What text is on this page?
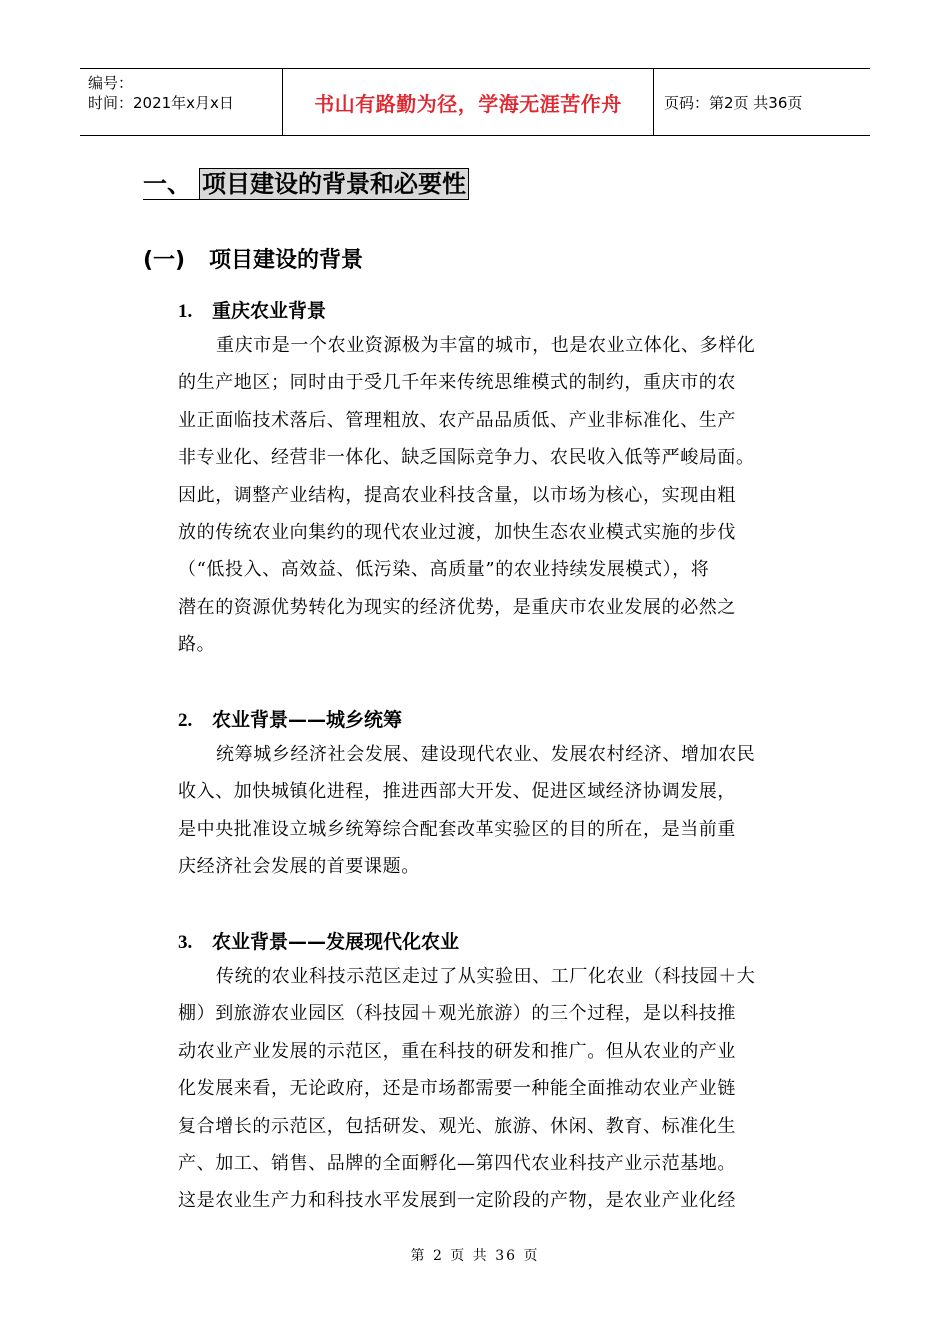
编号：
时间：2021年x月x日	书山有路勤为径，学海无涯苦作舟	页码：第2页 共36页
一、 项目建设的背景和必要性
(一) 项目建设的背景
1. 重庆农业背景
重庆市是一个农业资源极为丰富的城市，也是农业立体化、多样化
的生产地区；同时由于受几千年来传统思维模式的制约，重庆市的农
业正面临技术落后、管理粗放、农产品品质低、产业非标准化、生产
非专业化、经营非一体化、缺乏国际竞争力、农民收入低等严峻局面。
因此，调整产业结构，提高农业科技含量，以市场为核心，实现由粗
放的传统农业向集约的现代农业过渡，加快生态农业模式实施的步伐
（“低投入、高效益、低污染、高质量”的农业持续发展模式），将
潜在的资源优势转化为现实的经济优势，是重庆市农业发展的必然之
路。
2. 农业背景——城乡统筹
统筹城乡经济社会发展、建设现代农业、发展农村经济、增加农民
收入、加快城镇化进程，推进西部大开发、促进区域经济协调发展，
是中央批准设立城乡统筹综合配套改革实验区的目的所在，是当前重
庆经济社会发展的首要课题。
3. 农业背景——发展现代化农业
传统的农业科技示范区走过了从实验田、工厂化农业（科技园＋大
棚）到旅游农业园区（科技园＋观光旅游）的三个过程，是以科技推
动农业产业发展的示范区，重在科技的研发和推广。但从农业的产业
化发展来看，无论政府，还是市场都需要一种能全面推动农业产业链
复合增长的示范区，包括研发、观光、旅游、休闲、教育、标准化生
产、加工、销售、品牌的全面孵化—第四代农业科技产业示范基地。
这是农业生产力和科技水平发展到一定阶段的产物，是农业产业化经
第 2 页 共 36 页
